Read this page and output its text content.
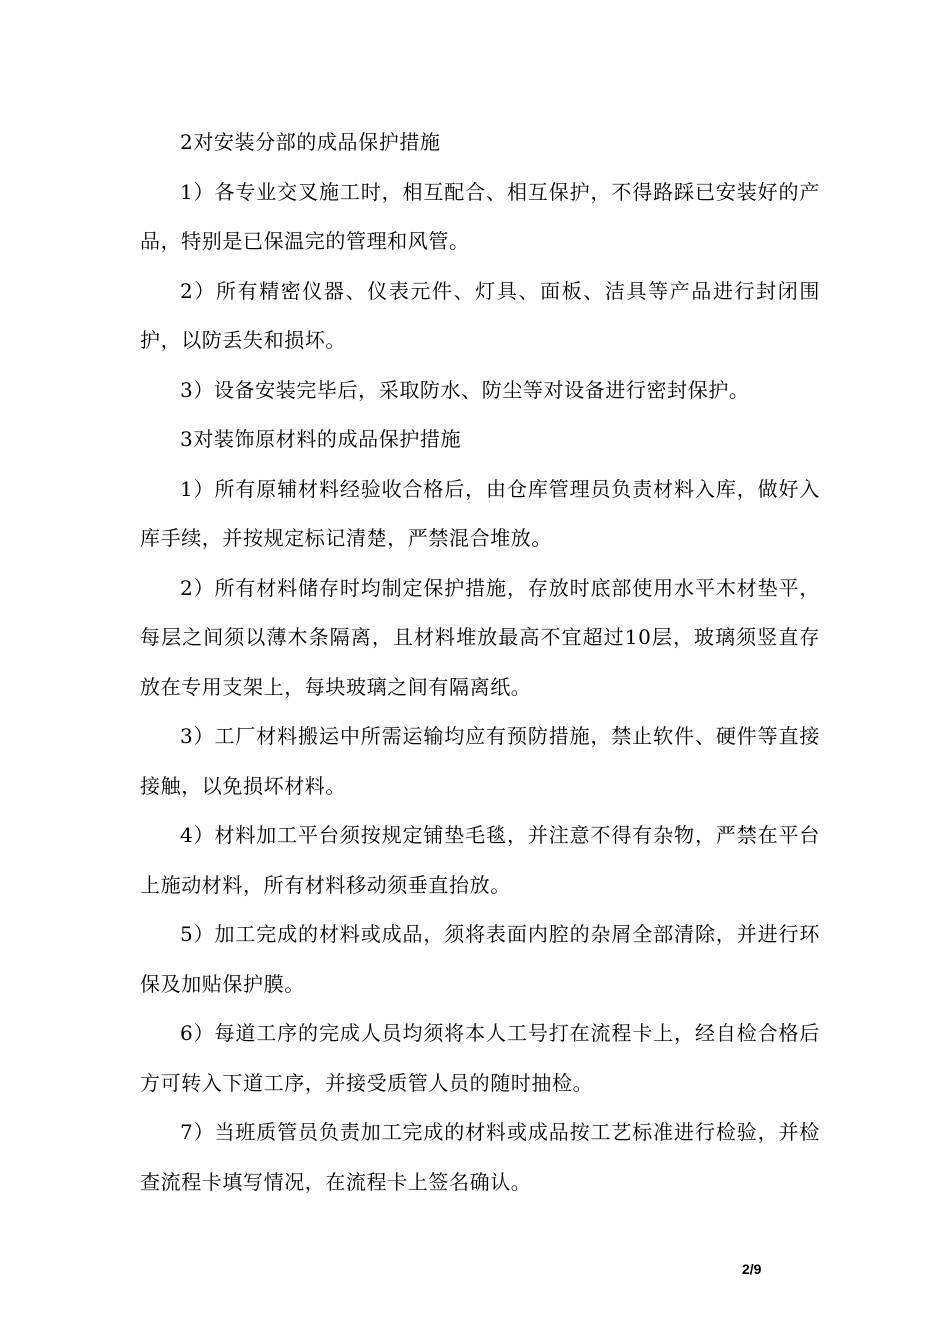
2对安装分部的成品保护措施

1）各专业交叉施工时，相互配合、相互保护，不得路踩已安装好的产品，特别是已保温完的管理和风管。

2）所有精密仪器、仪表元件、灯具、面板、洁具等产品进行封闭围护，以防丢失和损坏。

3）设备安装完毕后，采取防水、防尘等对设备进行密封保护。

3对装饰原材料的成品保护措施

1）所有原辅材料经验收合格后，由仓库管理员负责材料入库，做好入库手续，并按规定标记清楚，严禁混合堆放。

2）所有材料储存时均制定保护措施，存放时底部使用水平木材垫平，每层之间须以薄木条隔离，且材料堆放最高不宜超过10层，玻璃须竖直存放在专用支架上，每块玻璃之间有隔离纸。

3）工厂材料搬运中所需运输均应有预防措施，禁止软件、硬件等直接接触，以免损坏材料。

4）材料加工平台须按规定铺垫毛毯，并注意不得有杂物，严禁在平台上施动材料，所有材料移动须垂直抬放。

5）加工完成的材料或成品，须将表面内腔的杂屑全部清除，并进行环保及加贴保护膜。

6）每道工序的完成人员均须将本人工号打在流程卡上，经自检合格后方可转入下道工序，并接受质管人员的随时抽检。

7）当班质管员负责加工完成的材料或成品按工艺标准进行检验，并检查流程卡填写情况，在流程卡上签名确认。

2/9
